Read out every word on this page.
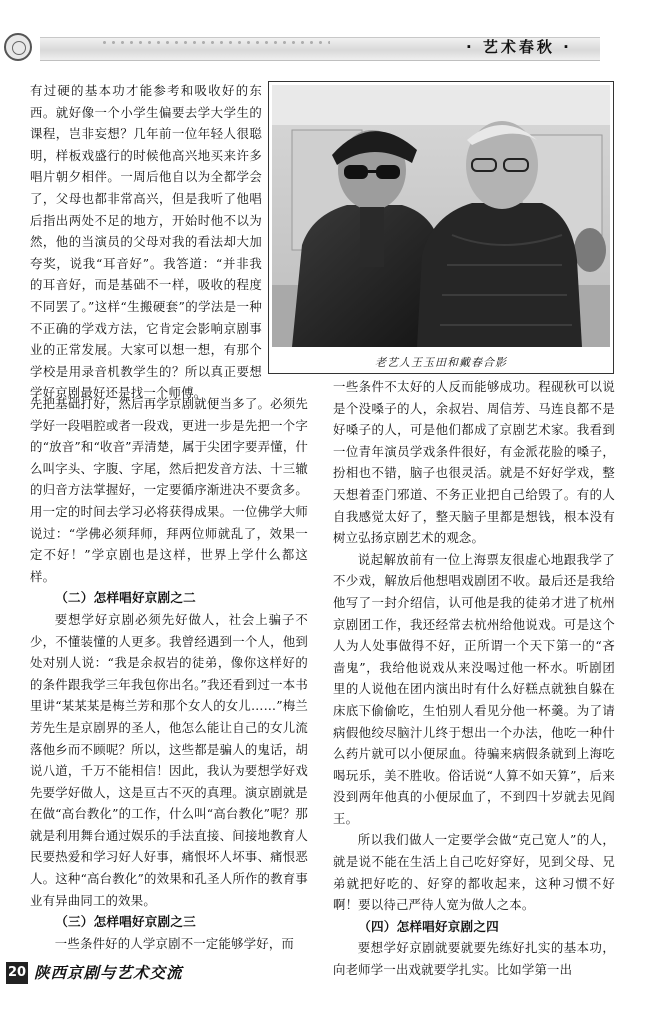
· 艺术春秋 ·

有过硬的基本功才能参考和吸收好的东西。就好像一个小学生偏要去学大学生的课程，岂非妄想？几年前一位年轻人很聪明，样板戏盛行的时候他高兴地买来许多唱片朝夕相伴。一周后他自以为全都学会了，父母也都非常高兴，但是我听了他唱后指出两处不足的地方，开始时他不以为然，他的当演员的父母对我的看法却大加夸奖，说我“耳音好”。我答道：“并非我的耳音好，而是基础不一样，吸收的程度不同罢了。”这样“生搬硬套”的学法是一种不正确的学戏方法，它肯定会影响京剧事业的正常发展。大家可以想一想，有那个学校是用录音机教学生的？所以真正要想学好京剧最好还是找一个师傅。

老艺人王玉田和戴春合影

先把基础打好，然后再学京剧就便当多了。必须先学好一段唱腔或者一段戏，更进一步是先把一个字的“放音”和“收音”弄清楚，属于尖团字要弄懂，什么叫字头、字腹、字尾，然后把发音方法、十三辙的归音方法掌握好，一定要循序渐进决不要贪多。用一定的时间去学习必将获得成果。一位佛学大师说过：“学佛必须拜师，拜两位师就乱了，效果一定不好！”学京剧也是这样，世界上学什么都这样。

（二）怎样唱好京剧之二

要想学好京剧必须先好做人，社会上骗子不少，不懂装懂的人更多。我曾经遇到一个人，他到处对别人说：“我是余叔岩的徒弟，像你这样好的的条件跟我学三年我包你出名。”我还看到过一本书里讲“某某某是梅兰芳和那个女人的女儿……”梅兰芳先生是京剧界的圣人，他怎么能让自己的女儿流落他乡而不顾呢？所以，这些都是骗人的鬼话，胡说八道，千万不能相信！因此，我认为要想学好戏先要学好做人，这是亘古不灭的真理。演京剧就是在做“高台教化”的工作，什么叫“高台教化”呢？那就是利用舞台通过娱乐的手法直接、间接地教育人民要热爱和学习好人好事，痛恨坏人坏事、痛恨恶人。这种“高台教化”的效果和孔圣人所作的教育事业有异曲同工的效果。

（三）怎样唱好京剧之三

一些条件好的人学京剧不一定能够学好，而

一些条件不太好的人反而能够成功。程砚秋可以说是个没嗓子的人，余叔岩、周信芳、马连良都不是好嗓子的人，可是他们都成了京剧艺术家。我看到一位青年演员学戏条件很好，有金派花脸的嗓子，扮相也不错，脑子也很灵活。就是不好好学戏，整天想着歪门邪道、不务正业把自己给毁了。有的人自我感觉太好了，整天脑子里都是想钱，根本没有树立弘扬京剧艺术的观念。

说起解放前有一位上海票友很虚心地跟我学了不少戏，解放后他想唱戏剧团不收。最后还是我给他写了一封介绍信，认可他是我的徒弟才进了杭州京剧团工作，我还经常去杭州给他说戏。可是这个人为人处事做得不好，正所谓一个天下第一的“吝啬鬼”，我给他说戏从来没喝过他一杯水。听剧团里的人说他在团内演出时有什么好糕点就独自躲在床底下偷偷吃，生怕别人看见分他一杯羹。为了请病假他绞尽脑汁儿终于想出一个办法，他吃一种什么药片就可以小便尿血。待骗来病假条就到上海吃喝玩乐，美不胜收。俗话说“人算不如天算”，后来没到两年他真的小便尿血了，不到四十岁就去见阎王。

所以我们做人一定要学会做“克己宽人”的人，就是说不能在生活上自己吃好穿好，见到父母、兄弟就把好吃的、好穿的都收起来，这种习惯不好啊！要以待己严待人宽为做人之本。

（四）怎样唱好京剧之四

要想学好京剧就要就要先练好扎实的基本功，向老师学一出戏就要学扎实。比如学第一出

20 陕西京剧与艺术交流
